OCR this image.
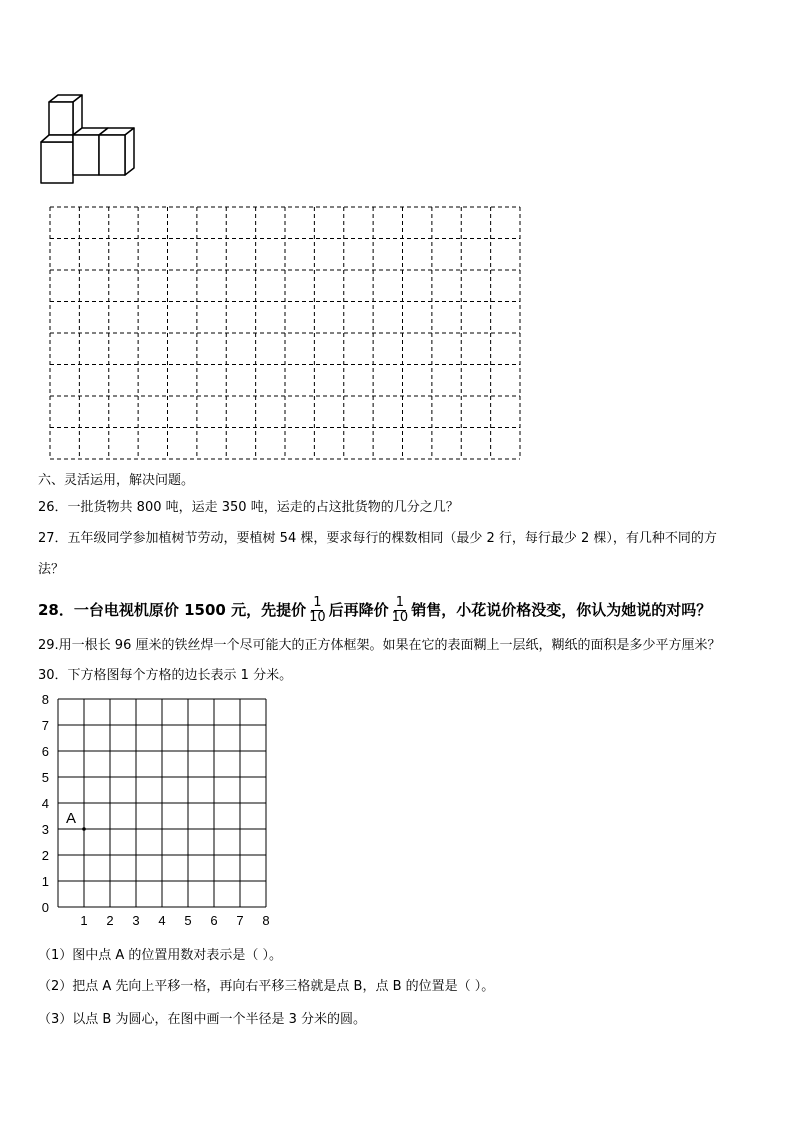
六、灵活运用，解决问题。
26．一批货物共 800 吨，运走 350 吨，运走的占这批货物的几分之几？
27．五年级同学参加植树节劳动，要植树 54 棵，要求每行的棵数相同（最少 2 行，每行最少 2 棵），有几种不同的方
法？
28．一台电视机原价 1500 元，先提价 $\frac{1}{10}$ 后再降价 $\frac{1}{10}$ 销售，小花说价格没变，你认为她说的对吗？
29.用一根长 96 厘米的铁丝焊一个尽可能大的正方体框架。如果在它的表面糊上一层纸，糊纸的面积是多少平方厘米？
30．下方格图每个方格的边长表示 1 分米。
0
1
2
3
4
5
6
7
8
1 2 3 4 5 6 7 8
A
（1）图中点 A 的位置用数对表示是（ ）。
（2）把点 A 先向上平移一格，再向右平移三格就是点 B，点 B 的位置是（ ）。
（3）以点 B 为圆心，在图中画一个半径是 3 分米的圆。
